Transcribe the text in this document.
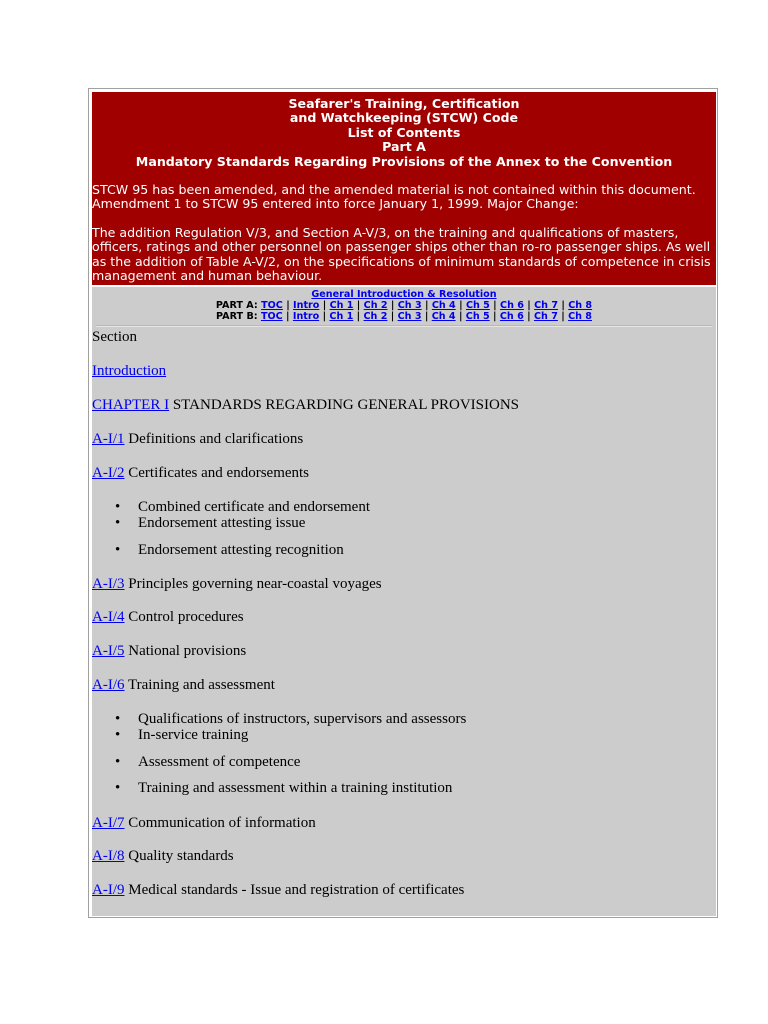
Seafarer's Training, Certification
and Watchkeeping (STCW) Code
List of Contents
Part A
Mandatory Standards Regarding Provisions of the Annex to the Convention

STCW 95 has been amended, and the amended material is not contained within this document.
Amendment 1 to STCW 95 entered into force January 1, 1999. Major Change:

The addition Regulation V/3, and Section A-V/3, on the training and qualifications of masters, officers, ratings and other personnel on passenger ships other than ro-ro passenger ships. As well as the addition of Table A-V/2, on the specifications of minimum standards of competence in crisis management and human behaviour.

General Introduction & Resolution
PART A: TOC | Intro | Ch 1 | Ch 2 | Ch 3 | Ch 4 | Ch 5 | Ch 6 | Ch 7 | Ch 8
PART B: TOC | Intro | Ch 1 | Ch 2 | Ch 3 | Ch 4 | Ch 5 | Ch 6 | Ch 7 | Ch 8

Section

Introduction

CHAPTER I STANDARDS REGARDING GENERAL PROVISIONS

A-I/1 Definitions and clarifications

A-I/2 Certificates and endorsements

• Combined certificate and endorsement
• Endorsement attesting issue
• Endorsement attesting recognition

A-I/3 Principles governing near-coastal voyages

A-I/4 Control procedures

A-I/5 National provisions

A-I/6 Training and assessment

• Qualifications of instructors, supervisors and assessors
• In-service training
• Assessment of competence
• Training and assessment within a training institution

A-I/7 Communication of information

A-I/8 Quality standards

A-I/9 Medical standards - Issue and registration of certificates
